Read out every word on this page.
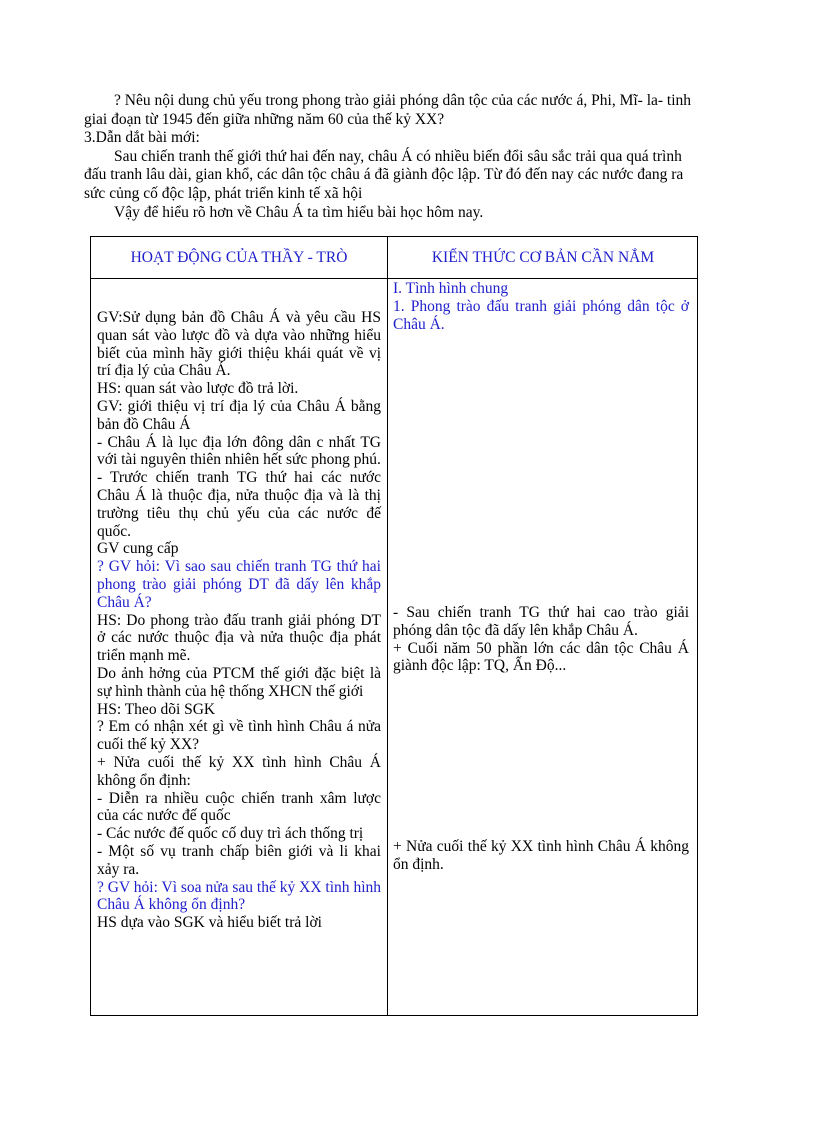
? Nêu nội dung chủ yếu trong phong trào giải phóng dân tộc của các nước á, Phi, Mĩ- la- tinh giai đoạn từ 1945 đến giữa những năm 60 của thế kỷ XX?

3.Dẫn dắt bài mới:

Sau chiến tranh thế giới thứ hai đến nay, châu Á có nhiều biến đổi sâu sắc trải qua quá trình đấu tranh lâu dài, gian khổ, các dân tộc châu á đã giành độc lập. Từ đó đến nay các nước đang ra sức củng cố độc lập, phát triển kinh tế xã hội

Vậy để hiểu rõ hơn về Châu Á ta tìm hiểu bài học hôm nay.

HOẠT ĐỘNG CỦA THẦY - TRÒ	KIẾN THỨC CƠ BẢN CẦN NẮM

GV:Sử dụng bản đồ Châu Á và yêu cầu HS quan sát vào lược đồ và dựa vào những hiểu biết của mình hãy giới thiệu khái quát về vị trí địa lý của Châu Á.

HS: quan sát vào lược đồ trả lời.

GV: giới thiệu vị trí địa lý của Châu Á bằng bản đồ Châu Á

- Châu Á là lục địa lớn đông dân c nhất TG với tài nguyên thiên nhiên hết sức phong phú.

- Trước chiến tranh TG thứ hai các nước Châu Á là thuộc địa, nửa thuộc địa và là thị trường tiêu thụ chủ yếu của các nước đế quốc.

GV cung cấp

? GV hỏi: Vì sao sau chiến tranh TG thứ hai phong trào giải phóng DT đã dấy lên khắp Châu Á?

HS: Do phong trào đấu tranh giải phóng DT ở các nước thuộc địa và nửa thuộc địa phát triển mạnh mẽ.

Do ảnh hởng của PTCM thế giới đặc biệt là sự hình thành của hệ thống XHCN thế giới

HS: Theo dõi SGK

? Em có nhận xét gì về tình hình Châu á nửa cuối thế kỷ XX?

+ Nửa cuối thế kỷ XX tình hình Châu Á không ổn định:

- Diễn ra nhiều cuộc chiến tranh xâm lược của các nước đế quốc

- Các nước đế quốc cố duy trì ách thống trị

- Một số vụ tranh chấp biên giới và li khai xảy ra.

? GV hỏi: Vì soa nửa sau thế kỷ XX tình hình Châu Á không ổn định?

HS dựa vào SGK và hiểu biết trả lời

I. Tình hình chung

1. Phong trào đấu tranh giải phóng dân tộc ở Châu Á.

- Sau chiến tranh TG thứ hai cao trào giải phóng dân tộc đã dấy lên khắp Châu Á.

+ Cuối năm 50 phần lớn các dân tộc Châu Á giành độc lập: TQ, Ấn Độ...

+ Nửa cuối thế kỷ XX tình hình Châu Á không ổn định.
